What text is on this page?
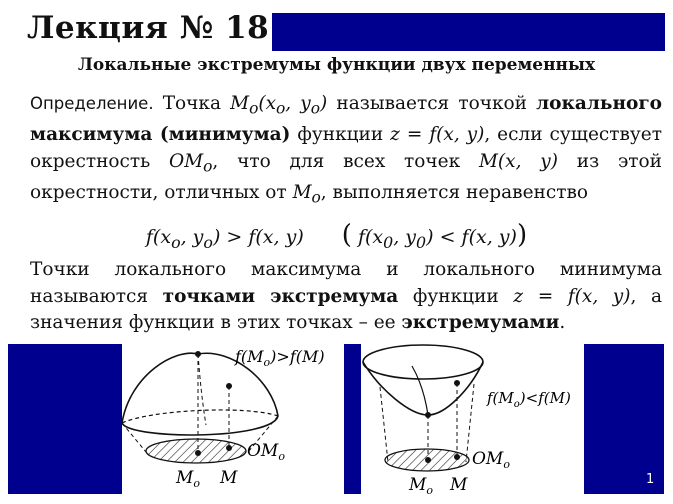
Лекция № 18
Локальные экстремумы функции двух переменных

Определение. Точка $M_o(x_o$, $y_o$) называется точкой локального максимума (минимума) функции z = f(x, y), если существует окрестность $OM_o$, что для всех точек M(x, y) из этой окрестности, отличных от $M_o$, выполняется неравенство

$f(x_o$, $y_o) > f(x$, y) ( $f(x_0$, $y_0) < f(x$, y))

Точки локального максимума и локального минимума называются точками экстремума функции z = f(x, y), а значения функции в этих точках – ее экстремумами.

1
$f(M_o)>f(M)$
$OM_o$
$M_o$ M
$f(M_o)<f(M)$
$OM_o$
$M_o$ M
